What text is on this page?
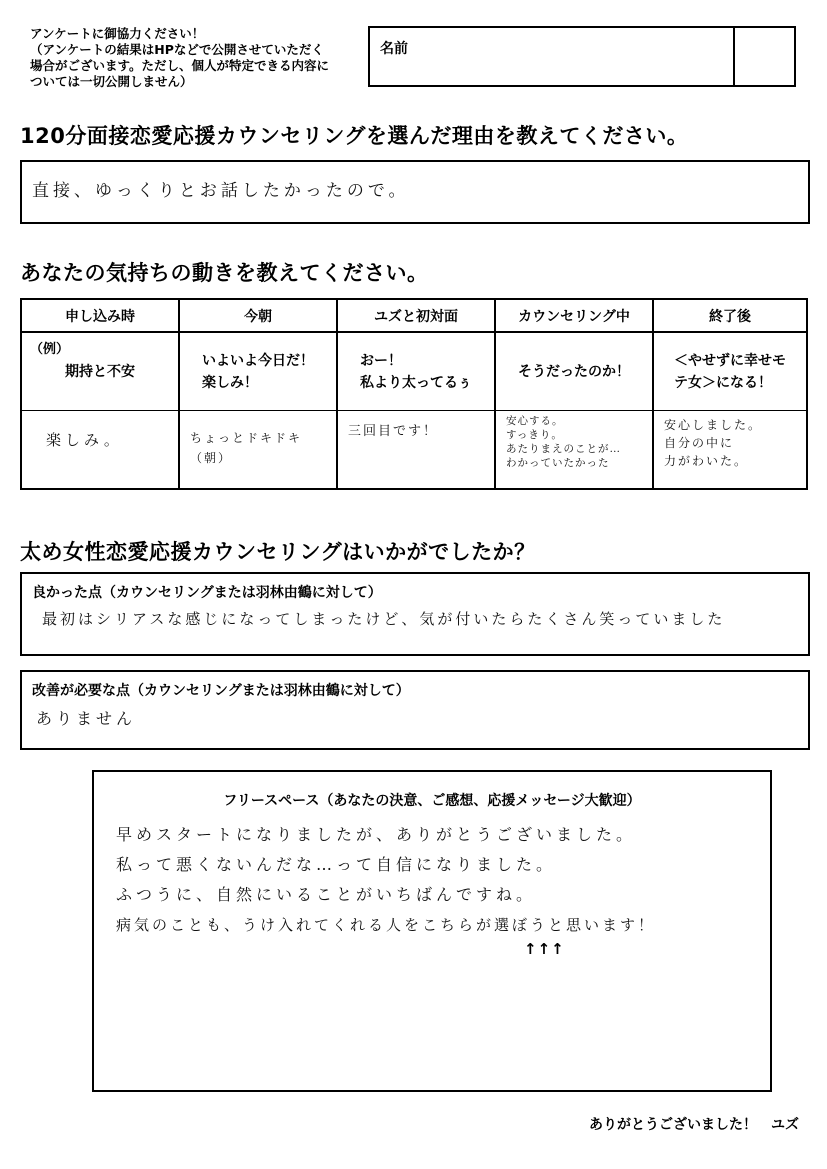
アンケートに御協力ください！
（アンケートの結果はHPなどで公開させていただく
場合がございます。ただし、個人が特定できる内容に
ついては一切公開しません）
名前
120分面接恋愛応援カウンセリングを選んだ理由を教えてください。
直接、ゆっくりとお話したかったので。
あなたの気持ちの動きを教えてください。
申し込み時
期持と不安
（例）
楽しみ。
今朝
いよいよ今日だ！
楽しみ！
ちょっとドキドキ（朝）
ユズと初対面
おー！
私より太ってるぅ
三回目です！
カウンセリング中
そうだったのか！
安心する。
すっきり。
あたりまえのことが…
わかっていたかった
終了後
＜やせずに幸せモ
テ女＞になる！
安心しました。
自分の中に
力がわいた。
太め女性恋愛応援カウンセリングはいかがでしたか？
良かった点（カウンセリングまたは羽林由鶴に対して）
最初はシリアスな感じになってしまったけど、気が付いたらたくさん笑っていました
改善が必要な点（カウンセリングまたは羽林由鶴に対して）
ありません
フリースペース（あなたの決意、ご感想、応援メッセージ大歓迎）
早めスタートになりましたが、ありがとうございました。
私って悪くないんだな…って自信になりました。
ふつうに、自然にいることがいちばんですね。
病気のことも、うけ入れてくれる人をこちらが選ぼうと思います！
↑↑↑
ありがとうございました！　ユズ
